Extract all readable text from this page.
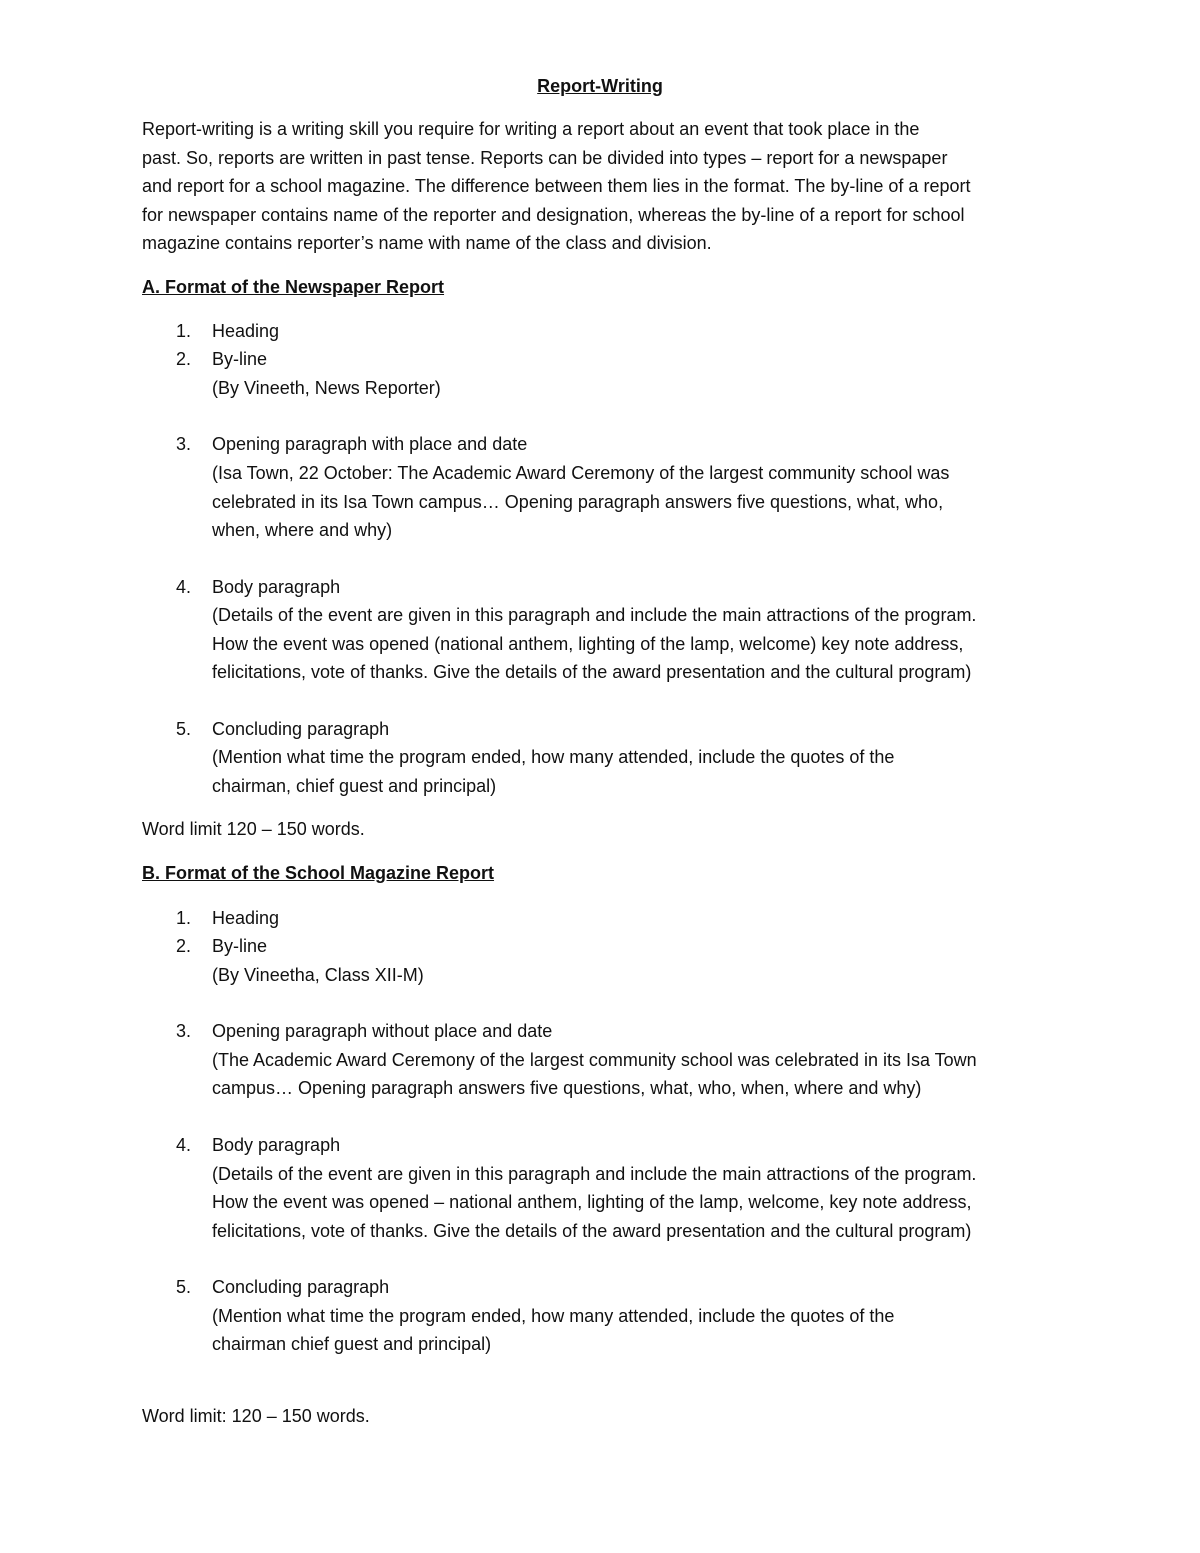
Report-Writing
Report-writing is a writing skill you require for writing a report about an event that took place in the
past. So, reports are written in past tense. Reports can be divided into types – report for a newspaper
and report for a school magazine. The difference between them lies in the format. The by-line of a report
for newspaper contains name of the reporter and designation, whereas the by-line of a report for school
magazine contains reporter’s name with name of the class and division.
A. Format of the Newspaper Report
1. Heading
2. By-line
(By Vineeth, News Reporter)
3. Opening paragraph with place and date
(Isa Town, 22 October: The Academic Award Ceremony of the largest community school was
celebrated in its Isa Town campus… Opening paragraph answers five questions, what, who,
when, where and why)
4. Body paragraph
(Details of the event are given in this paragraph and include the main attractions of the program.
How the event was opened (national anthem, lighting of the lamp, welcome) key note address,
felicitations, vote of thanks. Give the details of the award presentation and the cultural program)
5. Concluding paragraph
(Mention what time the program ended, how many attended, include the quotes of the
chairman, chief guest and principal)
Word limit 120 – 150 words.
B. Format of the School Magazine Report
1. Heading
2. By-line
(By Vineetha, Class XII-M)
3. Opening paragraph without place and date
(The Academic Award Ceremony of the largest community school was celebrated in its Isa Town
campus… Opening paragraph answers five questions, what, who, when, where and why)
4. Body paragraph
(Details of the event are given in this paragraph and include the main attractions of the program.
How the event was opened – national anthem, lighting of the lamp, welcome, key note address,
felicitations, vote of thanks. Give the details of the award presentation and the cultural program)
5. Concluding paragraph
(Mention what time the program ended, how many attended, include the quotes of the
chairman chief guest and principal)
Word limit: 120 – 150 words.
